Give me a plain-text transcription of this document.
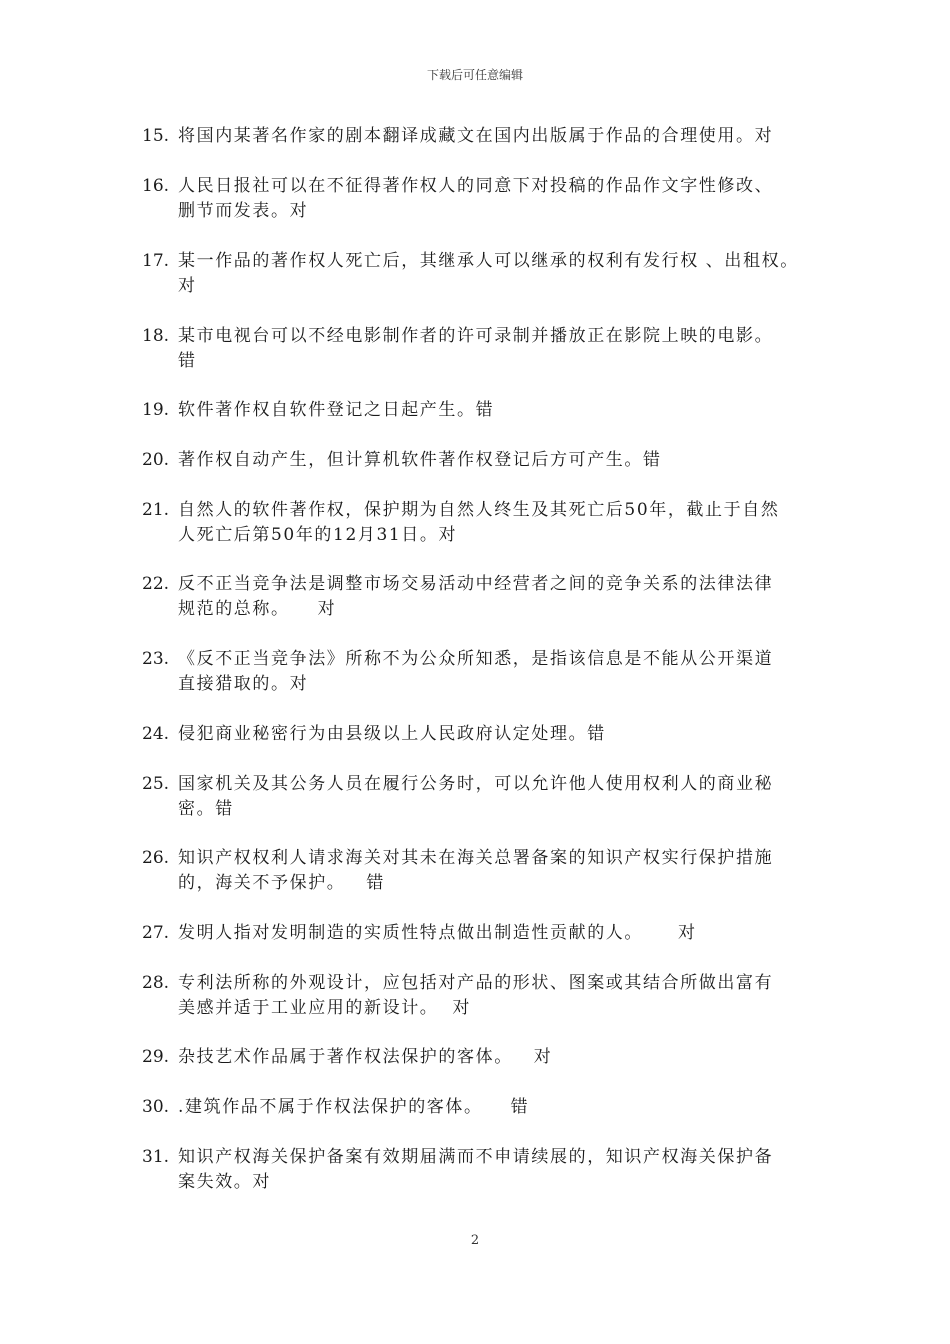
下载后可任意编辑
15. 将国内某著名作家的剧本翻译成藏文在国内出版属于作品的合理使用。对
16. 人民日报社可以在不征得著作权人的同意下对投稿的作品作文字性修改、
删节而发表。对
17. 某一作品的著作权人死亡后，其继承人可以继承的权利有发行权 、出租权。
对
18. 某市电视台可以不经电影制作者的许可录制并播放正在影院上映的电影。
错
19. 软件著作权自软件登记之日起产生。错
20. 著作权自动产生，但计算机软件著作权登记后方可产生。错
21. 自然人的软件著作权，保护期为自然人终生及其死亡后50年，截止于自然
人死亡后第50年的12月31日。对
22. 反不正当竞争法是调整市场交易活动中经营者之间的竞争关系的法律法律
规范的总称。    对
23. 《反不正当竞争法》所称不为公众所知悉，是指该信息是不能从公开渠道
直接猎取的。对
24. 侵犯商业秘密行为由县级以上人民政府认定处理。错
25. 国家机关及其公务人员在履行公务时，可以允许他人使用权利人的商业秘
密。错
26. 知识产权权利人请求海关对其未在海关总署备案的知识产权实行保护措施
的，海关不予保护。   错
27. 发明人指对发明制造的实质性特点做出制造性贡献的人。     对
28. 专利法所称的外观设计，应包括对产品的形状、图案或其结合所做出富有
美感并适于工业应用的新设计。  对
29. 杂技艺术作品属于著作权法保护的客体。   对
30. .建筑作品不属于作权法保护的客体。    错
31. 知识产权海关保护备案有效期届满而不申请续展的，知识产权海关保护备
案失效。对
2
